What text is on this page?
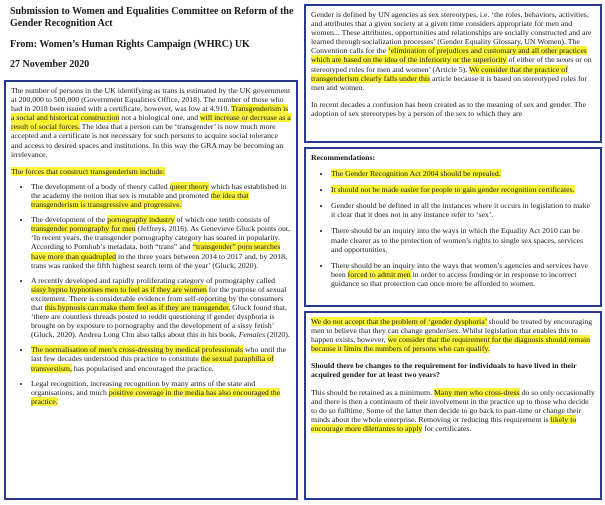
Submission to Women and Equalities Committee on Reform of the Gender Recognition Act

From: Women’s Human Rights Campaign (WHRC) UK

27 November 2020

The number of persons in the UK identifying as trans is estimated by the UK government at 200,000 to 500,000 (Government Equalities Office, 2018). The number of those who had in 2018 been issued with a certificate, however, was low at 4,910. Transgenderism is a social and historical construction not a biological one, and will increase or decrease as a result of social forces. The idea that a person can be ‘transgender’ is now much more accepted and a certificate is not necessary for such persons to acquire social tolerance and access to desired spaces and institutions. In this way the GRA may be becoming an irrelevance.

The forces that construct transgenderism include:
• The development of a body of theory called queer theory which has established in the academy the notion that sex is mutable and promoted the idea that transgenderism is transgressive and progressive.
• The development of the pornography industry of which one tenth consists of transgender pornography for men (Jeffreys, 2016). As Genevieve Gluck points out, ‘In recent years, the transgender pornography category has soared in popularity. According to Pornhub’s metadata, both “trans” and “transgender” porn searches have more than quadrupled in the three years between 2014 to 2017 and, by 2018, trans was ranked the fifth highest search term of the year’ (Gluck, 2020).
• A recently developed and rapidly proliferating category of pornography called sissy hypno hypnotises men to feel as if they are women for the purpose of sexual excitement. There is considerable evidence from self-reporting by the consumers that this hypnosis can make them feel as if they are transgender. Gluck found that, ‘there are countless threads posted to reddit questioning if gender dysphoria is brought on by exposure to pornography and the development of a sissy fetish’ (Gluck, 2020). Andrea Long Chu also talks about this in his book, Females (2020).
• The normalisation of men’s cross-dressing by medical professionals who until the last few decades understood this practice to constitute the sexual paraphilia of transvestism, has popularised and encouraged the practice.
• Legal recognition, increasing recognition by many arms of the state and organisations, and much positive coverage in the media has also encouraged the practice.

Gender is defined by UN agencies as sex stereotypes, i.e. ‘the roles, behaviors, activities, and attributes that a given society at a given time considers appropriate for men and women... These attributes, opportunities and relationships are socially constructed and are learned through socialization processes’ (Gender Equality Glossary, UN Women). The Convention calls for the ‘elimination of prejudices and customary and all other practices which are based on the idea of the inferiority or the superiority of either of the sexes or on stereotyped roles for men and women’ (Article 5). We consider that the practice of transgenderism clearly falls under this article because it is based on stereotyped roles for men and women.

In recent decades a confusion has been created as to the meaning of sex and gender. The adoption of sex stereotypes by a person of the sex to which they are

Recommendations:

• The Gender Recognition Act 2004 should be repealed.
• It should not be made easier for people to gain gender recognition certificates.
• Gender should be defined in all the instances where it occurs in legislation to make it clear that it does not in any instance refer to ‘sex’.
• There should be an inquiry into the ways in which the Equality Act 2010 can be made clearer as to the protection of women’s rights to single sex spaces, services and opportunities.
• There should be an inquiry into the ways that women’s agencies and services have been forced to admit men in order to access funding or in response to incorrect guidance so that protection can once more be afforded to women.

We do not accept that the problem of ‘gender dysphoria’ should be treated by encouraging men to believe that they can change gender/sex. Whilst legislation that enables this to happen exists, however, we consider that the requirement for the diagnosis should remain because it limits the numbers of persons who can qualify.

Should there be changes to the requirement for individuals to have lived in their acquired gender for at least two years?

This should be retained as a minimum. Many men who cross-dress do so only occasionally and there is then a continuum of their involvement in the practice up to those who decide to do so fulltime. Some of the latter then decide to go back to part-time or change their minds about the whole enterprise. Removing or reducing this requirement is likely to encourage more dilettantes to apply for certificates.
